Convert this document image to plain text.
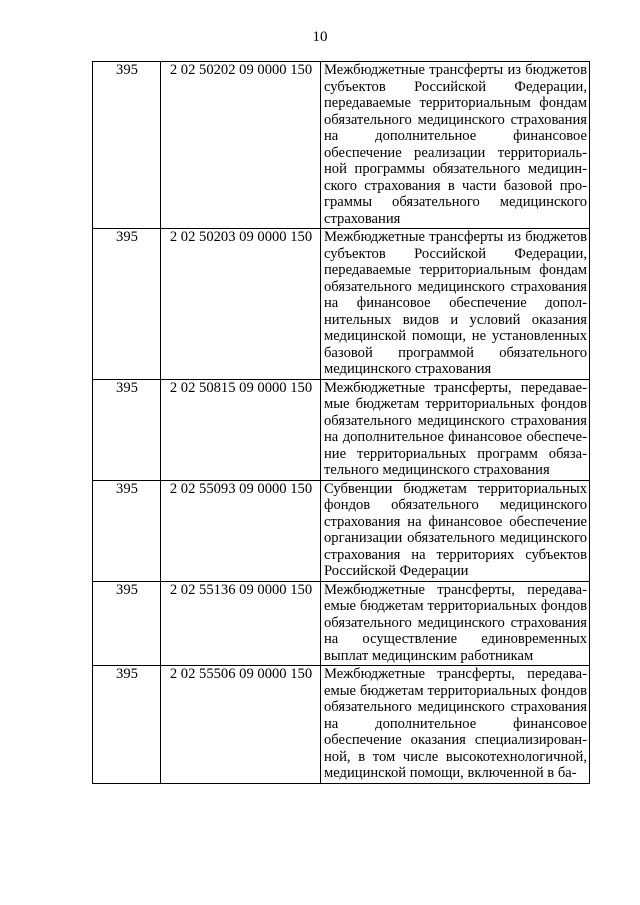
10
395	2 02 50202 09 0000 150	Межбюджетные трансферты из бюджетов субъектов Российской Федерации, передаваемые территориальным фондам обязательного медицинского страхования на дополнительное финансовое обеспечение реализации территориальной программы обязательного медицинского страхования в части базовой программы обязательного медицинского страхования
395	2 02 50203 09 0000 150	Межбюджетные трансферты из бюджетов субъектов Российской Федерации, передаваемые территориальным фондам обязательного медицинского страхования на финансовое обеспечение дополнительных видов и условий оказания медицинской помощи, не установленных базовой программой обязательного медицинского страхования
395	2 02 50815 09 0000 150	Межбюджетные трансферты, передаваемые бюджетам территориальных фондов обязательного медицинского страхования на дополнительное финансовое обеспечение территориальных программ обязательного медицинского страхования
395	2 02 55093 09 0000 150	Субвенции бюджетам территориальных фондов обязательного медицинского страхования на финансовое обеспечение организации обязательного медицинского страхования на территориях субъектов Российской Федерации
395	2 02 55136 09 0000 150	Межбюджетные трансферты, передаваемые бюджетам территориальных фондов обязательного медицинского страхования на осуществление единовременных выплат медицинским работникам
395	2 02 55506 09 0000 150	Межбюджетные трансферты, передаваемые бюджетам территориальных фондов обязательного медицинского страхования на дополнительное финансовое обеспечение оказания специализированной, в том числе высокотехнологичной, медицинской помощи, включенной в ба-
